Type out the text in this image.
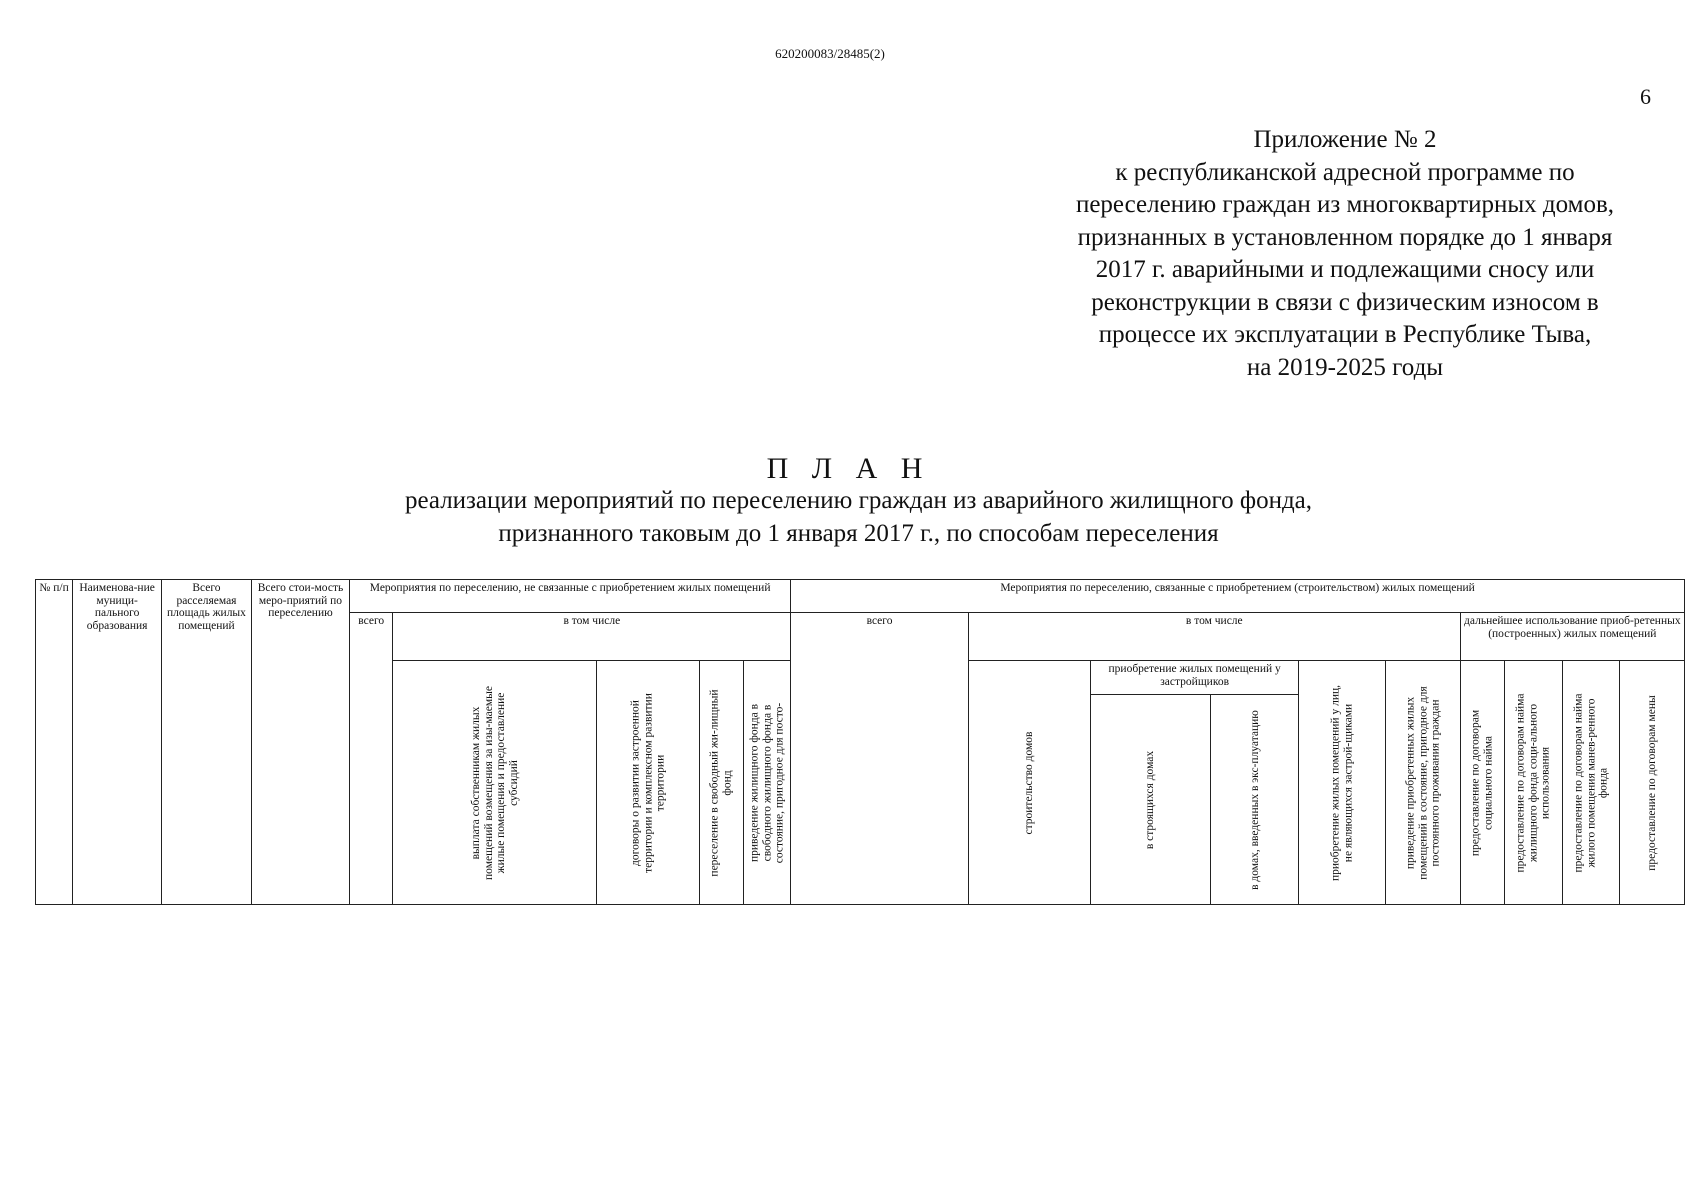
620200083/28485(2)
6
Приложение № 2
к республиканской адресной программе по
переселению граждан из многоквартирных домов,
признанных в установленном порядке до 1 января
2017 г. аварийными и подлежащими сносу или
реконструкции в связи с физическим износом в
процессе их эксплуатации в Республике Тыва,
на 2019-2025 годы
П Л А Н
реализации мероприятий по переселению граждан из аварийного жилищного фонда,
признанного таковым до 1 января 2017 г., по способам переселения
№ п/п	Наименова-ние муници-пального образования	Всего расселяемая площадь жилых помещений	Всего стои-мость меро-приятий по переселению	Мероприятия по переселению, не связанные с приобретением жилых помещений					Мероприятия по переселению, связанные с приобретением (строительством) жилых помещений									
				всего	в том числе				всего	в том числе					дальнейшее использование приоб-ретенных (построенных) жилых помещений			

					выплата собственникам жилых помещений возмещения за изы-маемые жилые помещения и предоставление субсидий	договоры о развитии застроенной территории и комплексном развитии территории	переселение в свободный жи-лищный фонд	приведение жилищного фонда в свободного жилищного фонда в состояние, пригодное для посто-		строительство домов	приобретение жилых помещений у застройщиков		приобретение жилых помещений у лиц, не являющихся застрой-щиками	приведение приобретенных жилых помещений в состояние, пригодное для постоянного проживания граждан	предоставление по договорам социального найма	предоставление по договорам найма жилищного фонда соци-ального использования	предоставление по договорам найма жилого помещения манев-ренного фонда	предоставление по договорам мены

											в строящихся домах	в домах, введенных в экс-плуатацию						
